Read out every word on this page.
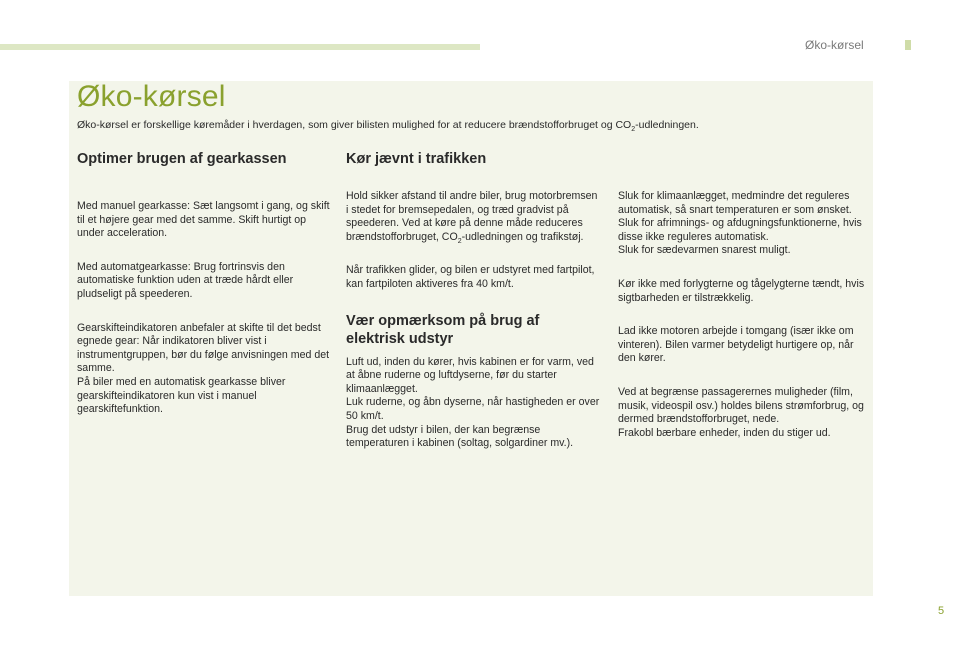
Øko-kørsel
Øko-kørsel

Øko-kørsel er forskellige køremåder i hverdagen, som giver bilisten mulighed for at reducere brændstofforbruget og $CO_2$-udledningen.

Optimer brugen af gearkassen

Med manuel gearkasse: Sæt langsomt i gang, og skift til et højere gear med det samme. Skift hurtigt op under acceleration.

Med automatgearkasse: Brug fortrinsvis den automatiske funktion uden at træde hårdt eller pludseligt på speederen.

Gearskifteindikatoren anbefaler at skifte til det bedst egnede gear: Når indikatoren bliver vist i instrumentgruppen, bør du følge anvisningen med det samme.

På biler med en automatisk gearkasse bliver gearskifteindikatoren kun vist i manuel gearskiftefunktion.

Kør jævnt i trafikken

Hold sikker afstand til andre biler, brug motorbremsen i stedet for bremsepedalen, og træd gradvist på speederen. Ved at køre på denne måde reduceres brændstofforbruget, $CO_2$-udledningen og trafikstøj.

Når trafikken glider, og bilen er udstyret med fartpilot, kan fartpiloten aktiveres fra 40 km/t.

Vær opmærksom på brug af elektrisk udstyr

Luft ud, inden du kører, hvis kabinen er for varm, ved at åbne ruderne og luftdyserne, før du starter klimaanlægget.

Luk ruderne, og åbn dyserne, når hastigheden er over 50 km/t.

Brug det udstyr i bilen, der kan begrænse temperaturen i kabinen (soltag, solgardiner mv.).

Sluk for klimaanlægget, medmindre det reguleres automatisk, så snart temperaturen er som ønsket.

Sluk for afrimnings- og afdugningsfunktionerne, hvis disse ikke reguleres automatisk.

Sluk for sædevarmen snarest muligt.

Kør ikke med forlygterne og tågelygterne tændt, hvis sigtbarheden er tilstrækkelig.

Lad ikke motoren arbejde i tomgang (især ikke om vinteren). Bilen varmer betydeligt hurtigere op, når den kører.

Ved at begrænse passagerernes muligheder (film, musik, videospil osv.) holdes bilens strømforbrug, og dermed brændstofforbruget, nede.

Frakobl bærbare enheder, inden du stiger ud.

5
